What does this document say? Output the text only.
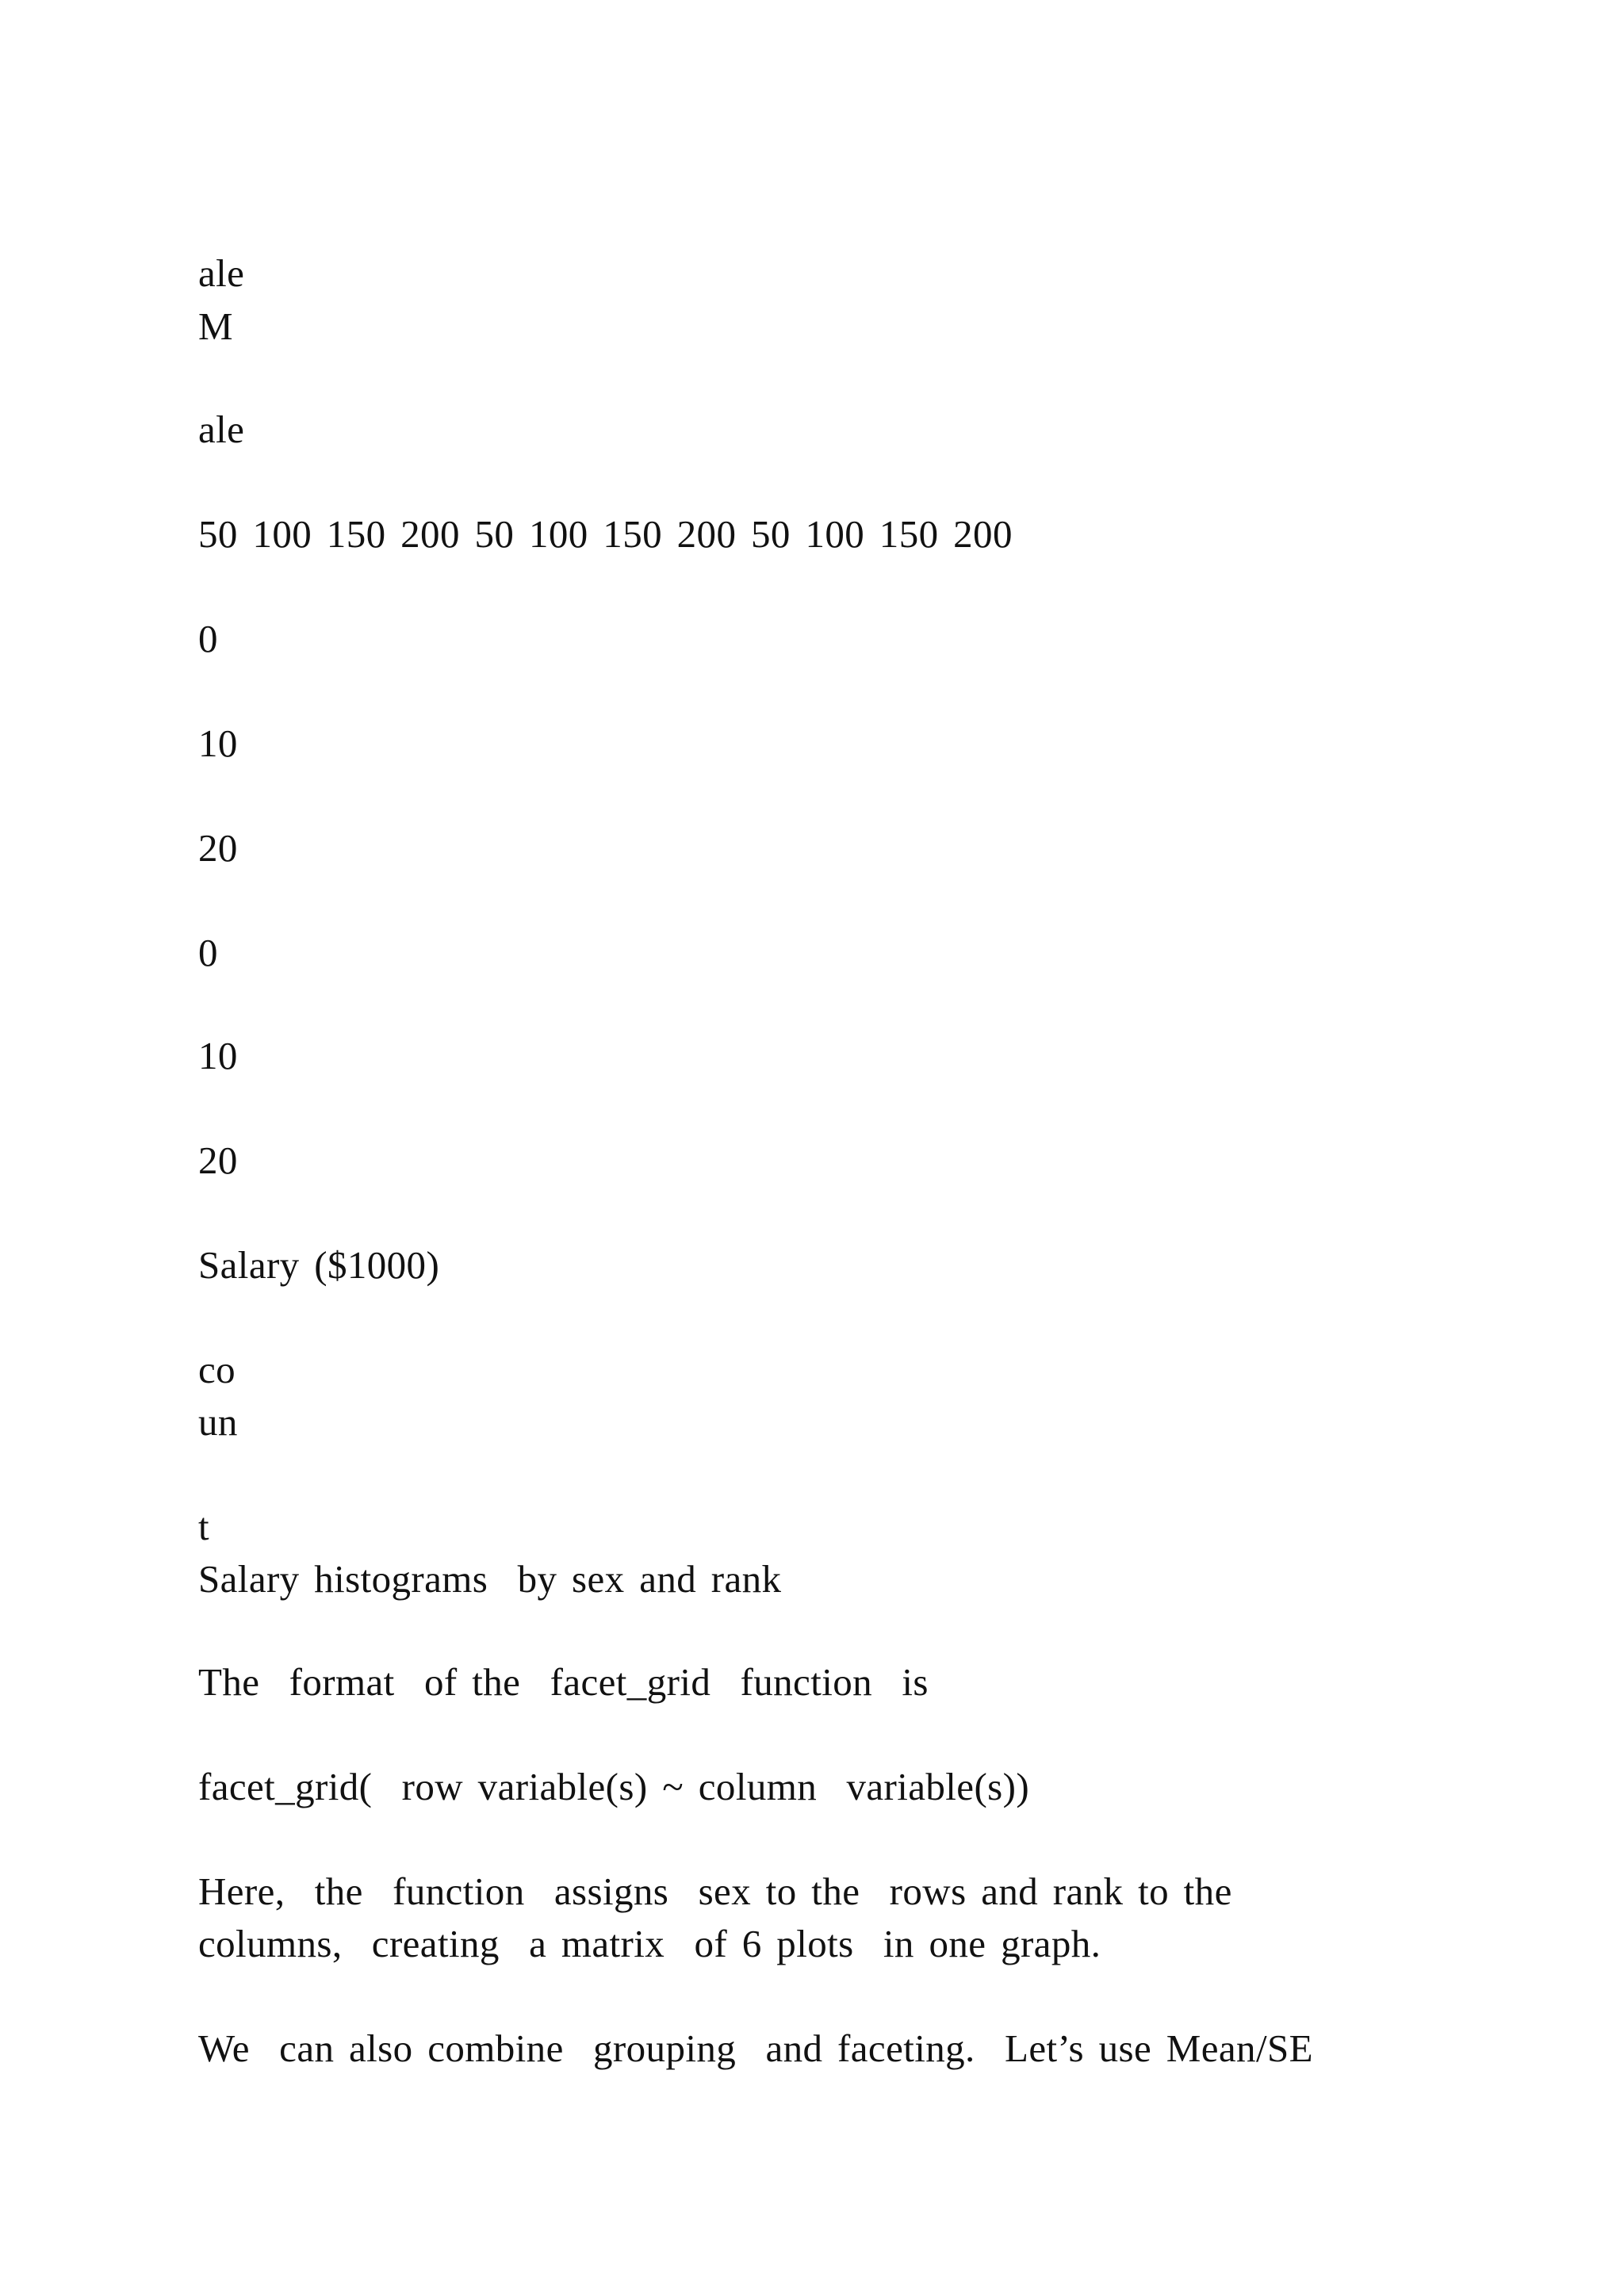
ale

M

ale

50 100 150 200 50 100 150 200 50 100 150 200

0

10

20

0

10

20

Salary ($1000)

co

un

t

Salary histograms  by sex and rank

The  format  of the  facet_grid  function  is

facet_grid(  row variable(s) ~ column  variable(s))

Here,  the  function  assigns  sex to the  rows and rank to the

columns,  creating  a matrix  of 6 plots  in one graph.

We  can also combine  grouping  and faceting.  Let’s use Mean/SE
